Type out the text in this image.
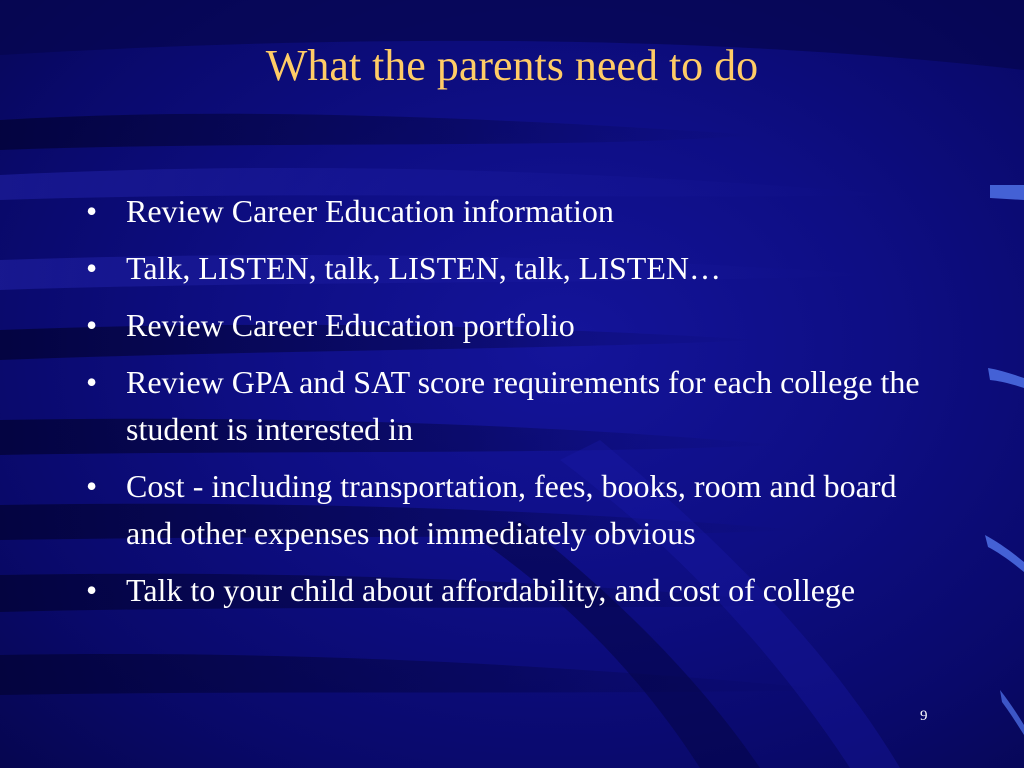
What the parents need to do
• Review Career Education information
• Talk, LISTEN, talk, LISTEN, talk, LISTEN…
• Review Career Education portfolio
• Review GPA and SAT score requirements for each college the student is interested in
• Cost - including transportation, fees, books, room and board and other expenses not immediately obvious
• Talk to your child about affordability, and cost of college
9
